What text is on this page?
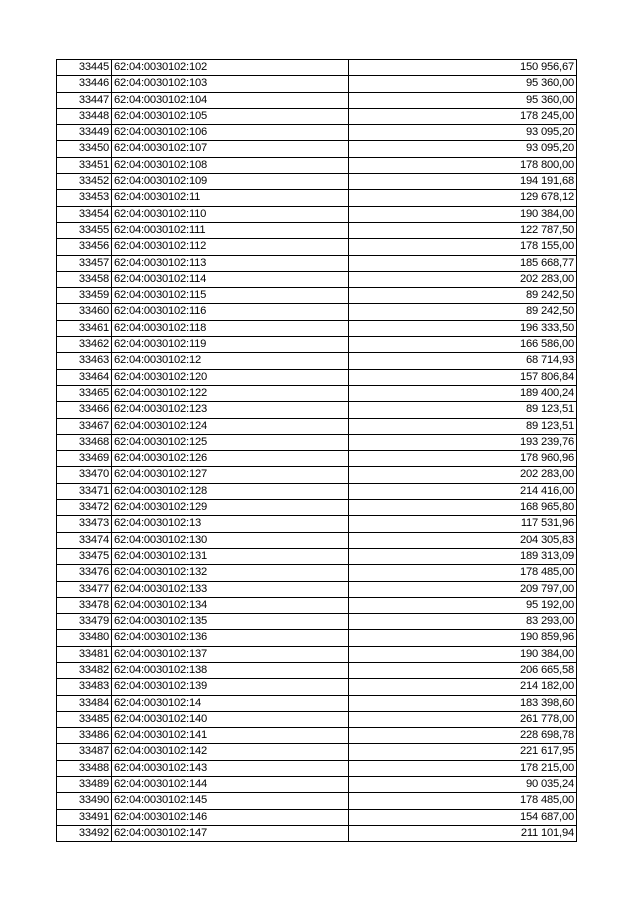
33445	62:04:0030102:102	150 956,67
33446	62:04:0030102:103	95 360,00
33447	62:04:0030102:104	95 360,00
33448	62:04:0030102:105	178 245,00
33449	62:04:0030102:106	93 095,20
33450	62:04:0030102:107	93 095,20
33451	62:04:0030102:108	178 800,00
33452	62:04:0030102:109	194 191,68
33453	62:04:0030102:11	129 678,12
33454	62:04:0030102:110	190 384,00
33455	62:04:0030102:111	122 787,50
33456	62:04:0030102:112	178 155,00
33457	62:04:0030102:113	185 668,77
33458	62:04:0030102:114	202 283,00
33459	62:04:0030102:115	89 242,50
33460	62:04:0030102:116	89 242,50
33461	62:04:0030102:118	196 333,50
33462	62:04:0030102:119	166 586,00
33463	62:04:0030102:12	68 714,93
33464	62:04:0030102:120	157 806,84
33465	62:04:0030102:122	189 400,24
33466	62:04:0030102:123	89 123,51
33467	62:04:0030102:124	89 123,51
33468	62:04:0030102:125	193 239,76
33469	62:04:0030102:126	178 960,96
33470	62:04:0030102:127	202 283,00
33471	62:04:0030102:128	214 416,00
33472	62:04:0030102:129	168 965,80
33473	62:04:0030102:13	117 531,96
33474	62:04:0030102:130	204 305,83
33475	62:04:0030102:131	189 313,09
33476	62:04:0030102:132	178 485,00
33477	62:04:0030102:133	209 797,00
33478	62:04:0030102:134	95 192,00
33479	62:04:0030102:135	83 293,00
33480	62:04:0030102:136	190 859,96
33481	62:04:0030102:137	190 384,00
33482	62:04:0030102:138	206 665,58
33483	62:04:0030102:139	214 182,00
33484	62:04:0030102:14	183 398,60
33485	62:04:0030102:140	261 778,00
33486	62:04:0030102:141	228 698,78
33487	62:04:0030102:142	221 617,95
33488	62:04:0030102:143	178 215,00
33489	62:04:0030102:144	90 035,24
33490	62:04:0030102:145	178 485,00
33491	62:04:0030102:146	154 687,00
33492	62:04:0030102:147	211 101,94
